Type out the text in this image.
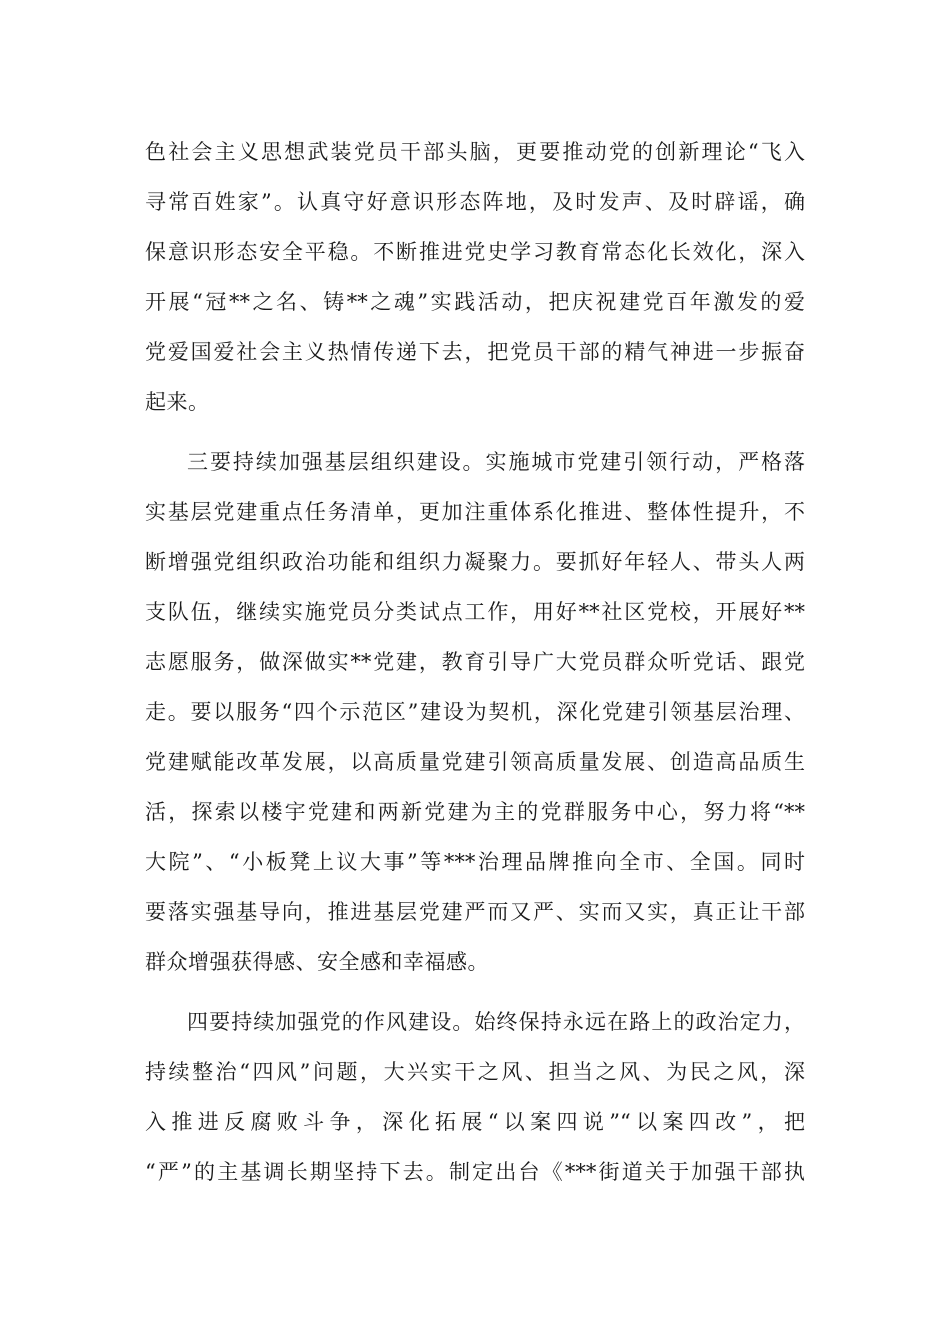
色社会主义思想武装党员干部头脑，更要推动党的创新理论“飞入
寻常百姓家”。认真守好意识形态阵地，及时发声、及时辟谣，确
保意识形态安全平稳。不断推进党史学习教育常态化长效化，深入
开展“冠**之名、铸**之魂”实践活动，把庆祝建党百年激发的爱
党爱国爱社会主义热情传递下去，把党员干部的精气神进一步振奋
起来。
三要持续加强基层组织建设。实施城市党建引领行动，严格落
实基层党建重点任务清单，更加注重体系化推进、整体性提升，不
断增强党组织政治功能和组织力凝聚力。要抓好年轻人、带头人两
支队伍，继续实施党员分类试点工作，用好**社区党校，开展好**
志愿服务，做深做实**党建，教育引导广大党员群众听党话、跟党
走。要以服务“四个示范区”建设为契机，深化党建引领基层治理、
党建赋能改革发展，以高质量党建引领高质量发展、创造高品质生
活，探索以楼宇党建和两新党建为主的党群服务中心，努力将“**
大院”、“小板凳上议大事”等***治理品牌推向全市、全国。同时
要落实强基导向，推进基层党建严而又严、实而又实，真正让干部
群众增强获得感、安全感和幸福感。
四要持续加强党的作风建设。始终保持永远在路上的政治定力，
持续整治“四风”问题，大兴实干之风、担当之风、为民之风，深
入推进反腐败斗争，深化拓展“以案四说”“以案四改”，把
“严”的主基调长期坚持下去。制定出台《***街道关于加强干部执
